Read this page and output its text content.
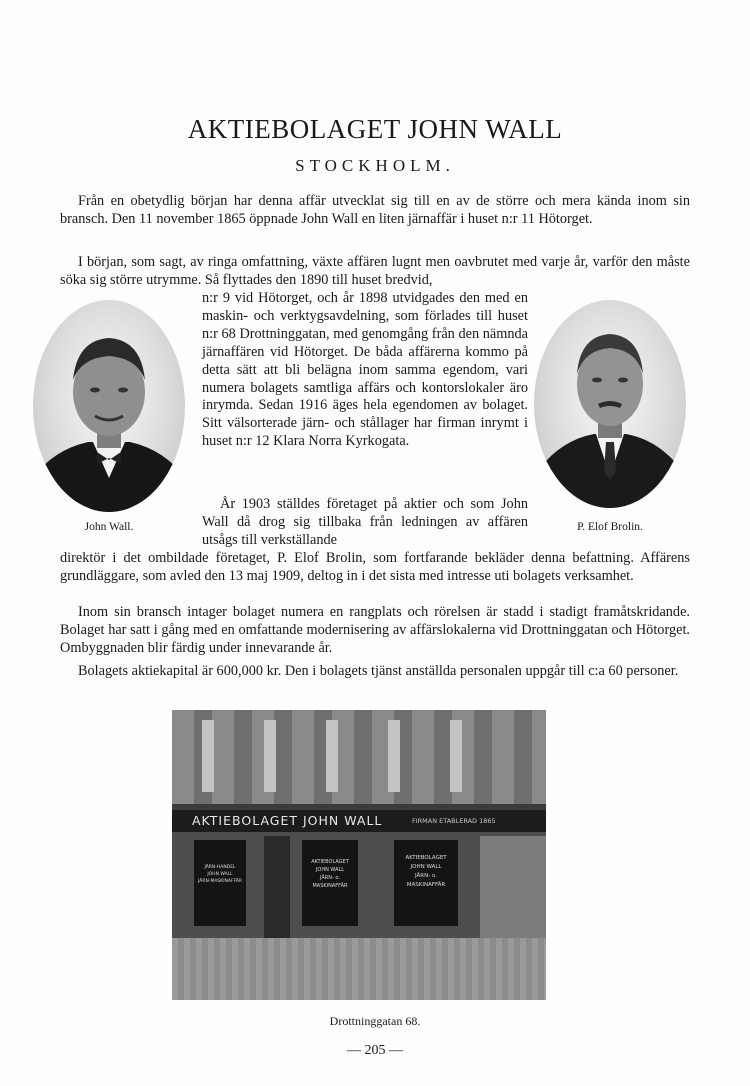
AKTIEBOLAGET JOHN WALL
STOCKHOLM.
Från en obetydlig början har denna affär utvecklat sig till en av de större och mera kända inom sin bransch. Den 11 november 1865 öppnade John Wall en liten järnaffär i huset n:r 11 Hötorget.
I början, som sagt, av ringa omfattning, växte affären lugnt men oavbrutet med varje år, varför den måste söka sig större utrymme. Så flyttades den 1890 till huset bredvid,
n:r 9 vid Hötorget, och år 1898 utvidgades den med en maskin- och verktygsavdelning, som förlades till huset n:r 68 Drottninggatan, med genomgång från den nämnda järnaffären vid Hötorget. De båda affärerna kommo på detta sätt att bli belägna inom samma egendom, vari numera bolagets samtliga affärs och kontorslokaler äro inrymda. Sedan 1916 äges hela egendomen av bolaget. Sitt välsorterade järn- och stållager har firman inrymt i huset n:r 12 Klara Norra Kyrkogata.
År 1903 ställdes företaget på aktier och som John Wall då drog sig tillbaka från ledningen av affären utsågs till verkställande
direktör i det ombildade företaget, P. Elof Brolin, som fortfarande bekläder denna befattning. Affärens grundläggare, som avled den 13 maj 1909, deltog in i det sista med intresse uti bolagets verksamhet.
Inom sin bransch intager bolaget numera en rangplats och rörelsen är stadd i stadigt framåtskridande. Bolaget har satt i gång med en omfattande modernisering av affärslokalerna vid Drottninggatan och Hötorget. Ombyggnaden blir färdig under innevarande år.
Bolagets aktiekapital är 600,000 kr. Den i bolagets tjänst anställda personalen uppgår till c:a 60 personer.
John Wall.	P. Elof Brolin.
AKTIEBOLAGET JOHN WALL	FIRMAN ETABLERAD 1865
JÄRN-HANDEL
JOHN WALL
JÄRN-MASKINAFFÄR
AKTIEBOLAGET
JOHN WALL
JÄRN- o. MASKINAFFÄR
AKTIEBOLAGET
JOHN WALL
JÄRN- o. MASKINAFFÄR
Drottninggatan 68.
— 205 —
